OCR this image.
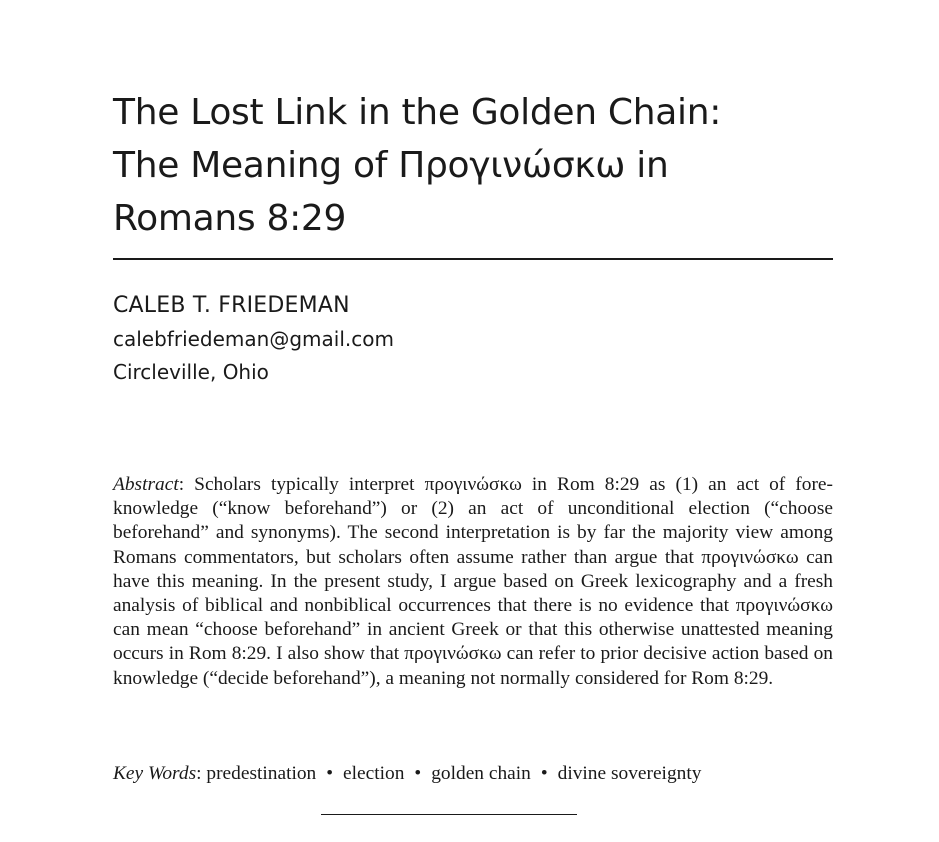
The Lost Link in the Golden Chain:
The Meaning of Προγινώσκω in
Romans 8:29
CALEB T. FRIEDEMAN
calebfriedeman@gmail.com
Circleville, Ohio

Abstract: Scholars typically interpret προγινώσκω in Rom 8:29 as (1) an act of foreknowledge (“know beforehand”) or (2) an act of unconditional election (“choose beforehand” and synonyms). The second interpretation is by far the majority view among Romans commentators, but scholars often assume rather than argue that προγινώσκω can have this meaning. In the present study, I argue based on Greek lexicography and a fresh analysis of biblical and nonbiblical occurrences that there is no evidence that προγινώσκω can mean “choose beforehand” in ancient Greek or that this otherwise unattested meaning occurs in Rom 8:29. I also show that προγινώσκω can refer to prior decisive action based on knowledge (“decide beforehand”), a meaning not normally considered for Rom 8:29.

Key Words: predestination • election • golden chain • divine sovereignty
